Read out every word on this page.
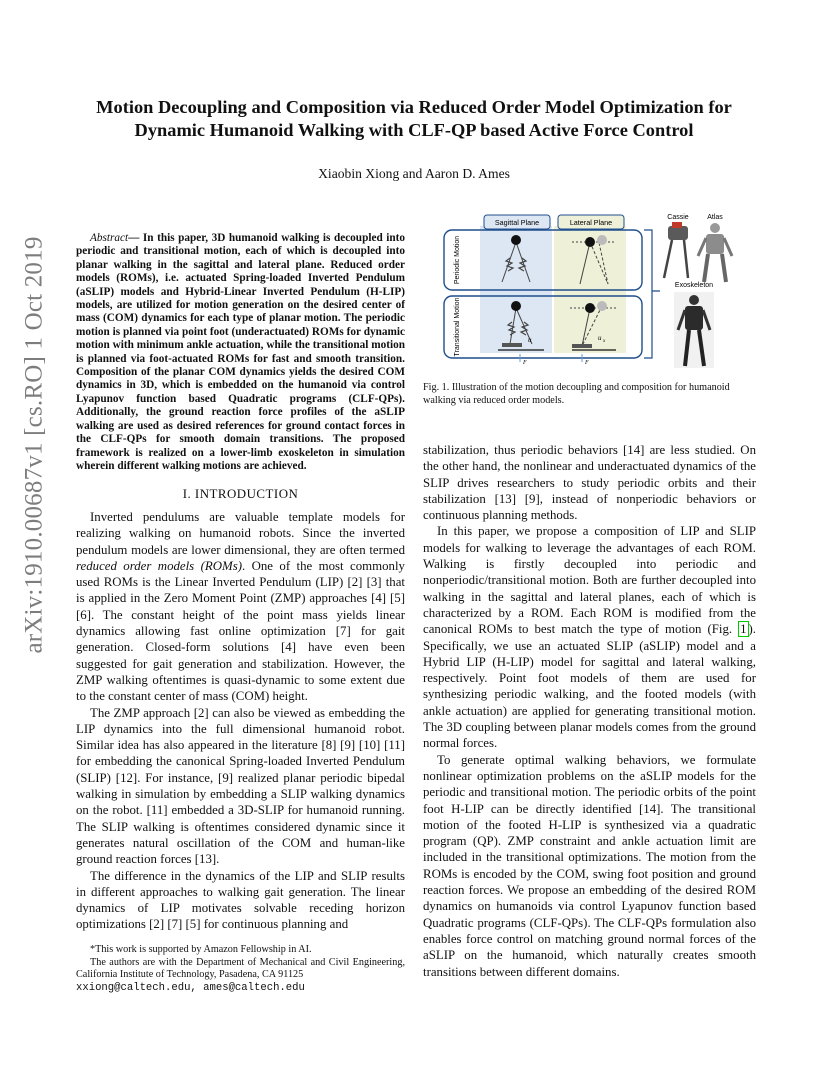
arXiv:1910.00687v1 [cs.RO] 1 Oct 2019
Motion Decoupling and Composition via Reduced Order Model Optimization for
Dynamic Humanoid Walking with CLF-QP based Active Force Control
Xiaobin Xiong and Aaron D. Ames

Abstract— In this paper, 3D humanoid walking is decoupled into periodic and transitional motion, each of which is decoupled into planar walking in the sagittal and lateral plane. Reduced order models (ROMs), i.e. actuated Spring-loaded Inverted Pendulum (aSLIP) models and Hybrid-Linear Inverted Pendulum (H-LIP) models, are utilized for motion generation on the desired center of mass (COM) dynamics for each type of planar motion. The periodic motion is planned via point foot (underactuated) ROMs for dynamic motion with minimum ankle actuation, while the transitional motion is planned via foot-actuated ROMs for fast and smooth transition. Composition of the planar COM dynamics yields the desired COM dynamics in 3D, which is embedded on the humanoid via control Lyapunov function based Quadratic programs (CLF-QPs). Additionally, the ground reaction force profiles of the aSLIP walking are used as desired references for ground contact forces in the CLF-QPs for smooth domain transitions. The proposed framework is realized on a lower-limb exoskeleton in simulation wherein different walking motions are achieved.

I. INTRODUCTION

Inverted pendulums are valuable template models for realizing walking on humanoid robots. Since the inverted pendulum models are lower dimensional, they are often termed reduced order models (ROMs). One of the most commonly used ROMs is the Linear Inverted Pendulum (LIP) [2] [3] that is applied in the Zero Moment Point (ZMP) approaches [4] [5] [6]. The constant height of the point mass yields linear dynamics allowing fast online optimization [7] for gait generation. Closed-form solutions [4] have even been suggested for gait generation and stabilization. However, the ZMP walking oftentimes is quasi-dynamic to some extent due to the constant center of mass (COM) height.

The ZMP approach [2] can also be viewed as embedding the LIP dynamics into the full dimensional humanoid robot. Similar idea has also appeared in the literature [8] [9] [10] [11] for embedding the canonical Spring-loaded Inverted Pendulum (SLIP) [12]. For instance, [9] realized planar periodic bipedal walking in simulation by embedding a SLIP walking dynamics on the robot. [11] embedded a 3D-SLIP for humanoid running. The SLIP walking is oftentimes considered dynamic since it generates natural oscillation of the COM and human-like ground reaction forces [13].

The difference in the dynamics of the LIP and SLIP results in different approaches to walking gait generation. The linear dynamics of LIP motivates solvable receding horizon optimizations [2] [7] [5] for continuous planning and

*This work is supported by Amazon Fellowship in AI.

The authors are with the Department of Mechanical and Civil Engineering, California Institute of Technology, Pasadena, CA 91125

xxiong@caltech.edu, ames@caltech.edu

Sagittal Plane	Lateral Plane
Periodic Motion
Transitional Motion	u
F
u x
F
Cassie	Atlas
Exoskeleton
Fig. 1. Illustration of the motion decoupling and composition for humanoid walking via reduced order models.

stabilization, thus periodic behaviors [14] are less studied. On the other hand, the nonlinear and underactuated dynamics of the SLIP drives researchers to study periodic orbits and their stabilization [13] [9], instead of nonperiodic behaviors or continuous planning methods.

In this paper, we propose a composition of LIP and SLIP models for walking to leverage the advantages of each ROM. Walking is firstly decoupled into periodic and nonperiodic/transitional motion. Both are further decoupled into walking in the sagittal and lateral planes, each of which is characterized by a ROM. Each ROM is modified from the canonical ROMs to best match the type of motion (Fig. 1 ). Specifically, we use an actuated SLIP (aSLIP) model and a Hybrid LIP (H-LIP) model for sagittal and lateral walking, respectively. Point foot models of them are used for synthesizing periodic walking, and the footed models (with ankle actuation) are applied for generating transitional motion. The 3D coupling between planar models comes from the ground normal forces.

To generate optimal walking behaviors, we formulate nonlinear optimization problems on the aSLIP models for the periodic and transitional motion. The periodic orbits of the point foot H-LIP can be directly identified [14]. The transitional motion of the footed H-LIP is synthesized via a quadratic program (QP). ZMP constraint and ankle actuation limit are included in the transitional optimizations. The motion from the ROMs is encoded by the COM, swing foot position and ground reaction forces. We propose an embedding of the desired ROM dynamics on humanoids via control Lyapunov function based Quadratic programs (CLF-QPs). The CLF-QPs formulation also enables force control on matching ground normal forces of the aSLIP on the humanoid, which naturally creates smooth transitions between different domains.
